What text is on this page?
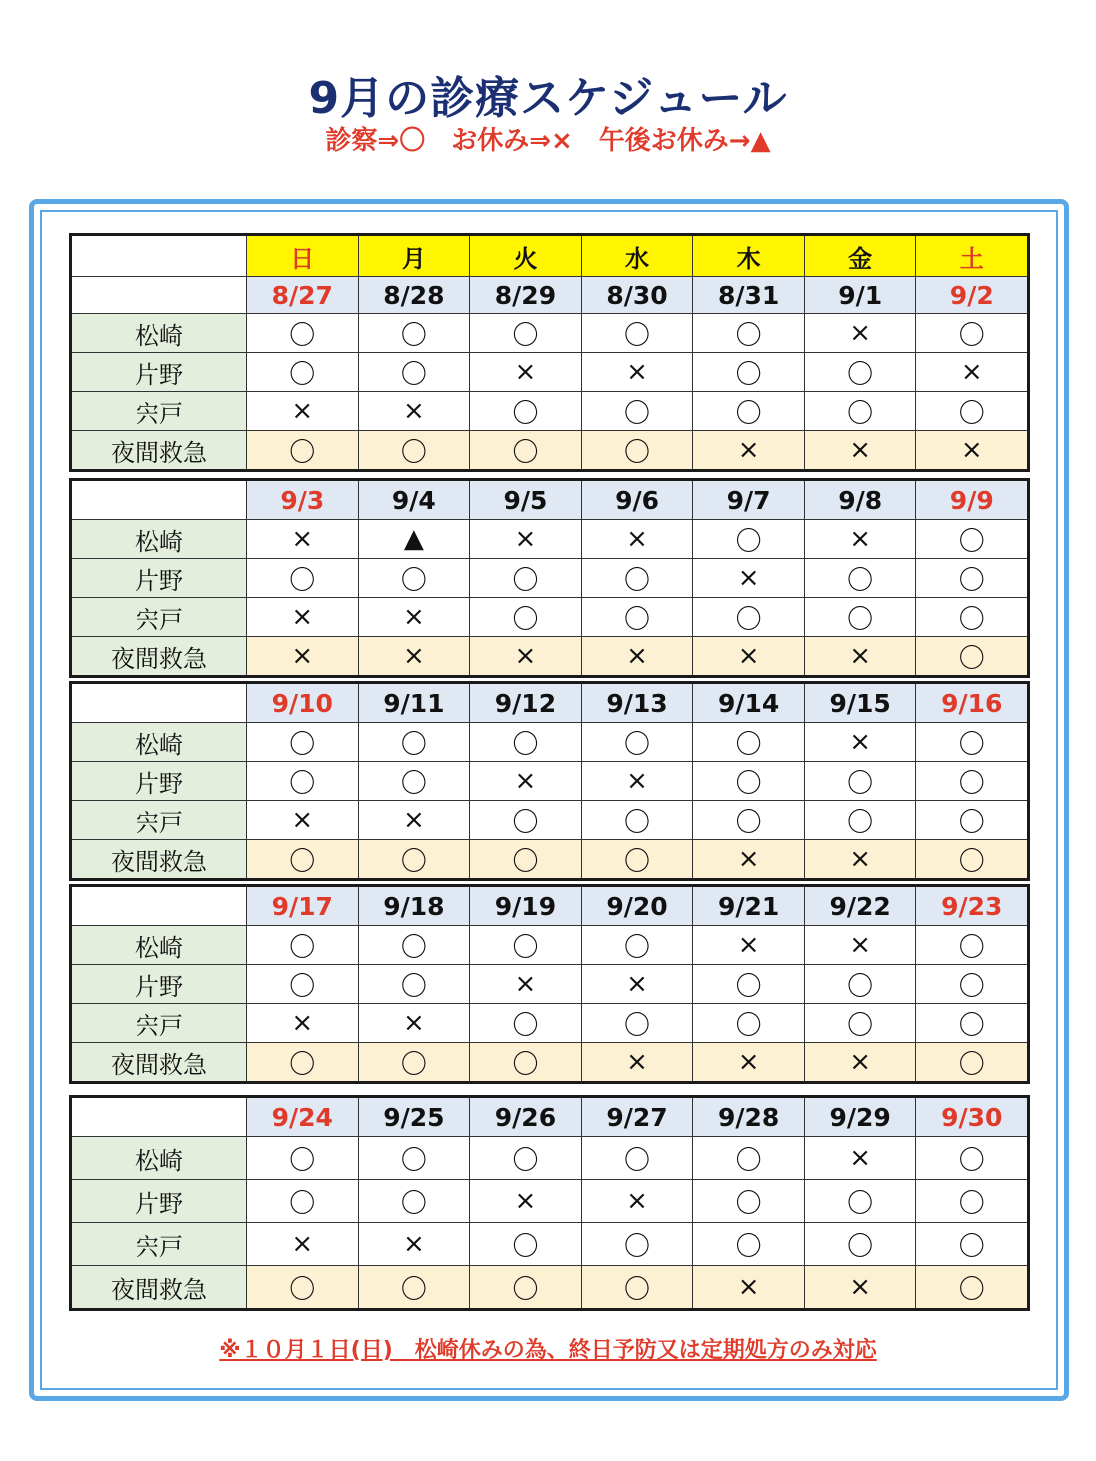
9月の診療スケジュール
診察⇒〇　お休み⇒×　午後お休み→▲
日	月	火	水	木	金	土
8/27	8/28	8/29	8/30	8/31	9/1	9/2
松崎	〇	〇	〇	〇	〇	×	〇
片野	〇	〇	×	×	〇	〇	×
宍戸	×	×	〇	〇	〇	〇	〇
夜間救急	〇	〇	〇	〇	×	×	×
9/3	9/4	9/5	9/6	9/7	9/8	9/9
松崎	×	▲	×	×	〇	×	〇
片野	〇	〇	〇	〇	×	〇	〇
宍戸	×	×	〇	〇	〇	〇	〇
夜間救急	×	×	×	×	×	×	〇
9/10	9/11	9/12	9/13	9/14	9/15	9/16
松崎	〇	〇	〇	〇	〇	×	〇
片野	〇	〇	×	×	〇	〇	〇
宍戸	×	×	〇	〇	〇	〇	〇
夜間救急	〇	〇	〇	〇	×	×	〇
9/17	9/18	9/19	9/20	9/21	9/22	9/23
松崎	〇	〇	〇	〇	×	×	〇
片野	〇	〇	×	×	〇	〇	〇
宍戸	×	×	〇	〇	〇	〇	〇
夜間救急	〇	〇	〇	×	×	×	〇
9/24	9/25	9/26	9/27	9/28	9/29	9/30
松崎	〇	〇	〇	〇	〇	×	〇
片野	〇	〇	×	×	〇	〇	〇
宍戸	×	×	〇	〇	〇	〇	〇
夜間救急	〇	〇	〇	〇	×	×	〇
※１０月１日(日)　松崎休みの為、終日予防又は定期処方のみ対応
